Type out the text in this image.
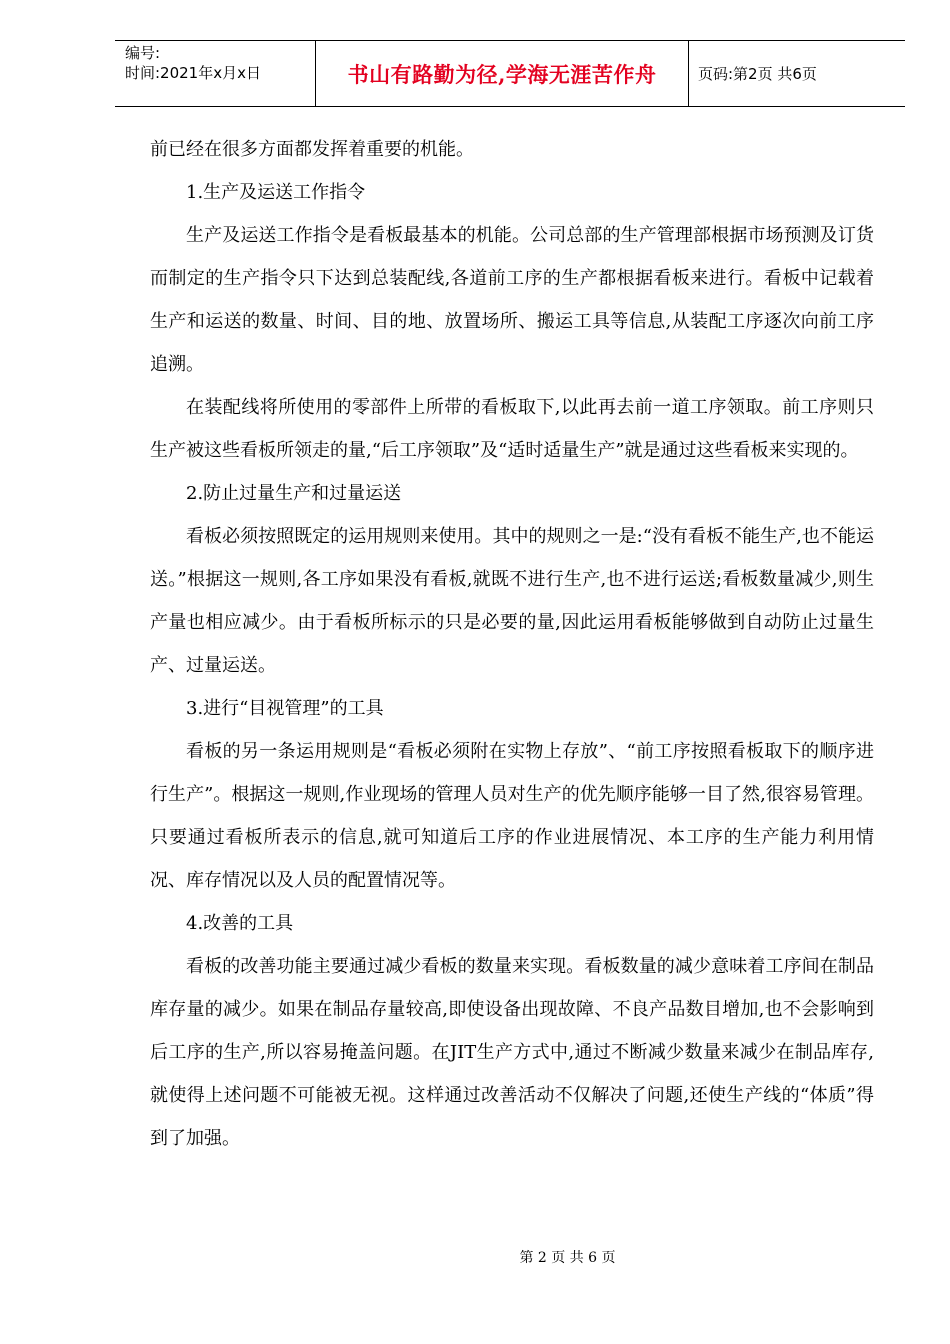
编号:
时间:2021年x月x日	书山有路勤为径,学海无涯苦作舟	页码:第2页 共6页

前已经在很多方面都发挥着重要的机能。

1.生产及运送工作指令

生产及运送工作指令是看板最基本的机能。公司总部的生产管理部根据市场预测及订货而制定的生产指令只下达到总装配线,各道前工序的生产都根据看板来进行。看板中记载着生产和运送的数量、时间、目的地、放置场所、搬运工具等信息,从装配工序逐次向前工序追溯。

在装配线将所使用的零部件上所带的看板取下,以此再去前一道工序领取。前工序则只生产被这些看板所领走的量,“后工序领取”及“适时适量生产”就是通过这些看板来实现的。

2.防止过量生产和过量运送

看板必须按照既定的运用规则来使用。其中的规则之一是:“没有看板不能生产,也不能运送。”根据这一规则,各工序如果没有看板,就既不进行生产,也不进行运送;看板数量减少,则生产量也相应减少。由于看板所标示的只是必要的量,因此运用看板能够做到自动防止过量生产、过量运送。

3.进行“目视管理”的工具

看板的另一条运用规则是“看板必须附在实物上存放”、“前工序按照看板取下的顺序进行生产”。根据这一规则,作业现场的管理人员对生产的优先顺序能够一目了然,很容易管理。只要通过看板所表示的信息,就可知道后工序的作业进展情况、本工序的生产能力利用情况、库存情况以及人员的配置情况等。

4.改善的工具

看板的改善功能主要通过减少看板的数量来实现。看板数量的减少意味着工序间在制品库存量的减少。如果在制品存量较高,即使设备出现故障、不良产品数目增加,也不会影响到后工序的生产,所以容易掩盖问题。在JIT生产方式中,通过不断减少数量来减少在制品库存,就使得上述问题不可能被无视。这样通过改善活动不仅解决了问题,还使生产线的“体质”得到了加强。

第 2 页 共 6 页
